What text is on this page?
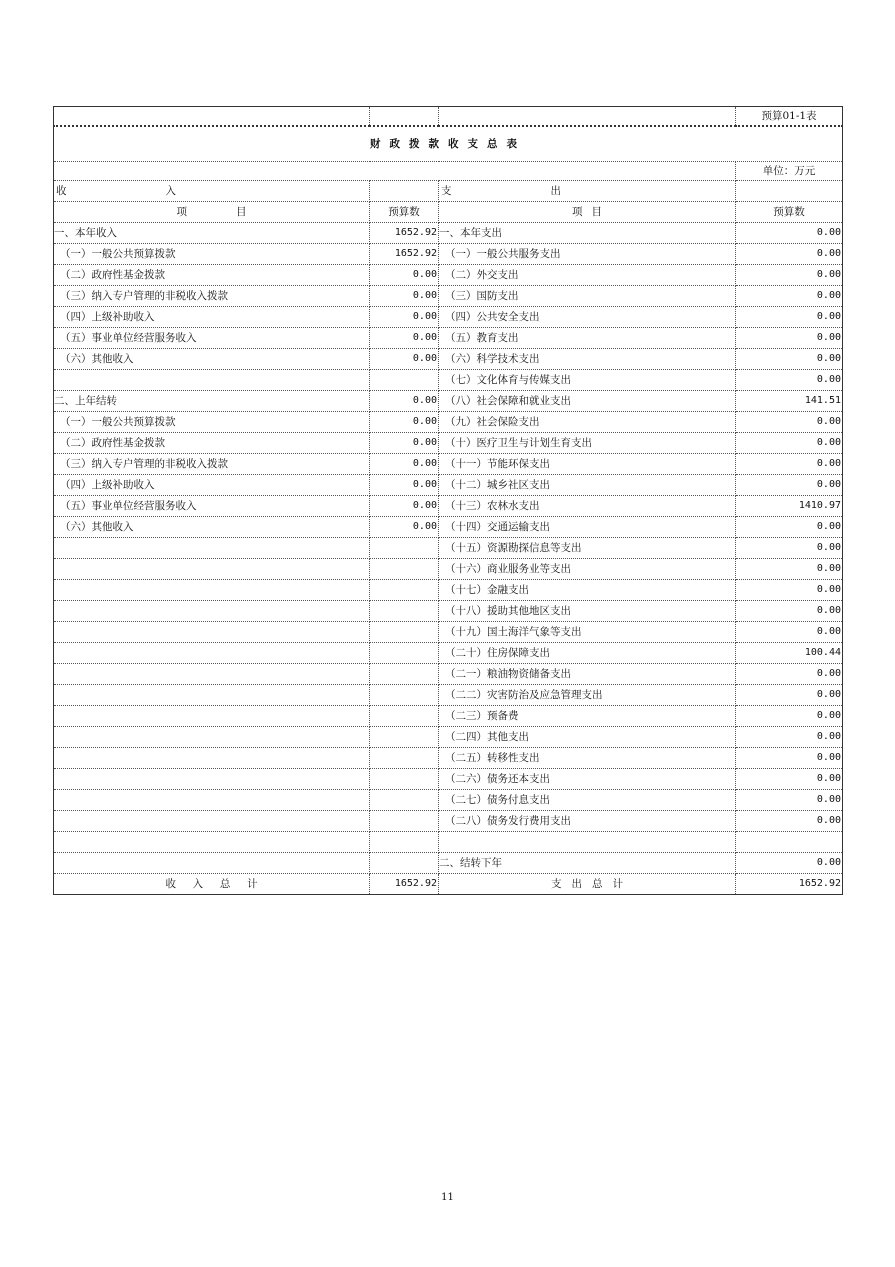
			预算01-1表
财政拨款收支总表			
			单位：万元

收 入		支 出	

项 目	预算数	项 目	预算数
一、本年收入	1652.92	一、本年支出	0.00
（一）一般公共预算拨款	1652.92	（一）一般公共服务支出	0.00
（二）政府性基金拨款	0.00	（二）外交支出	0.00
（三）纳入专户管理的非税收入拨款	0.00	（三）国防支出	0.00
（四）上级补助收入	0.00	（四）公共安全支出	0.00
（五）事业单位经营服务收入	0.00	（五）教育支出	0.00
（六）其他收入	0.00	（六）科学技术支出	0.00
		（七）文化体育与传媒支出	0.00
二、上年结转	0.00	（八）社会保障和就业支出	141.51
（一）一般公共预算拨款	0.00	（九）社会保险支出	0.00
（二）政府性基金拨款	0.00	（十）医疗卫生与计划生育支出	0.00
（三）纳入专户管理的非税收入拨款	0.00	（十一）节能环保支出	0.00
（四）上级补助收入	0.00	（十二）城乡社区支出	0.00
（五）事业单位经营服务收入	0.00	（十三）农林水支出	1410.97
（六）其他收入	0.00	（十四）交通运输支出	0.00
		（十五）资源勘探信息等支出	0.00
		（十六）商业服务业等支出	0.00
		（十七）金融支出	0.00
		（十八）援助其他地区支出	0.00
		（十九）国土海洋气象等支出	0.00
		（二十）住房保障支出	100.44
		（二一）粮油物资储备支出	0.00
		（二二）灾害防治及应急管理支出	0.00
		（二三）预备费	0.00
		（二四）其他支出	0.00
		（二五）转移性支出	0.00
		（二六）债务还本支出	0.00
		（二七）债务付息支出	0.00
		（二八）债务发行费用支出	0.00

		二、结转下年	0.00

收 入 总 计	1652.92	支 出 总 计	1652.92
11
